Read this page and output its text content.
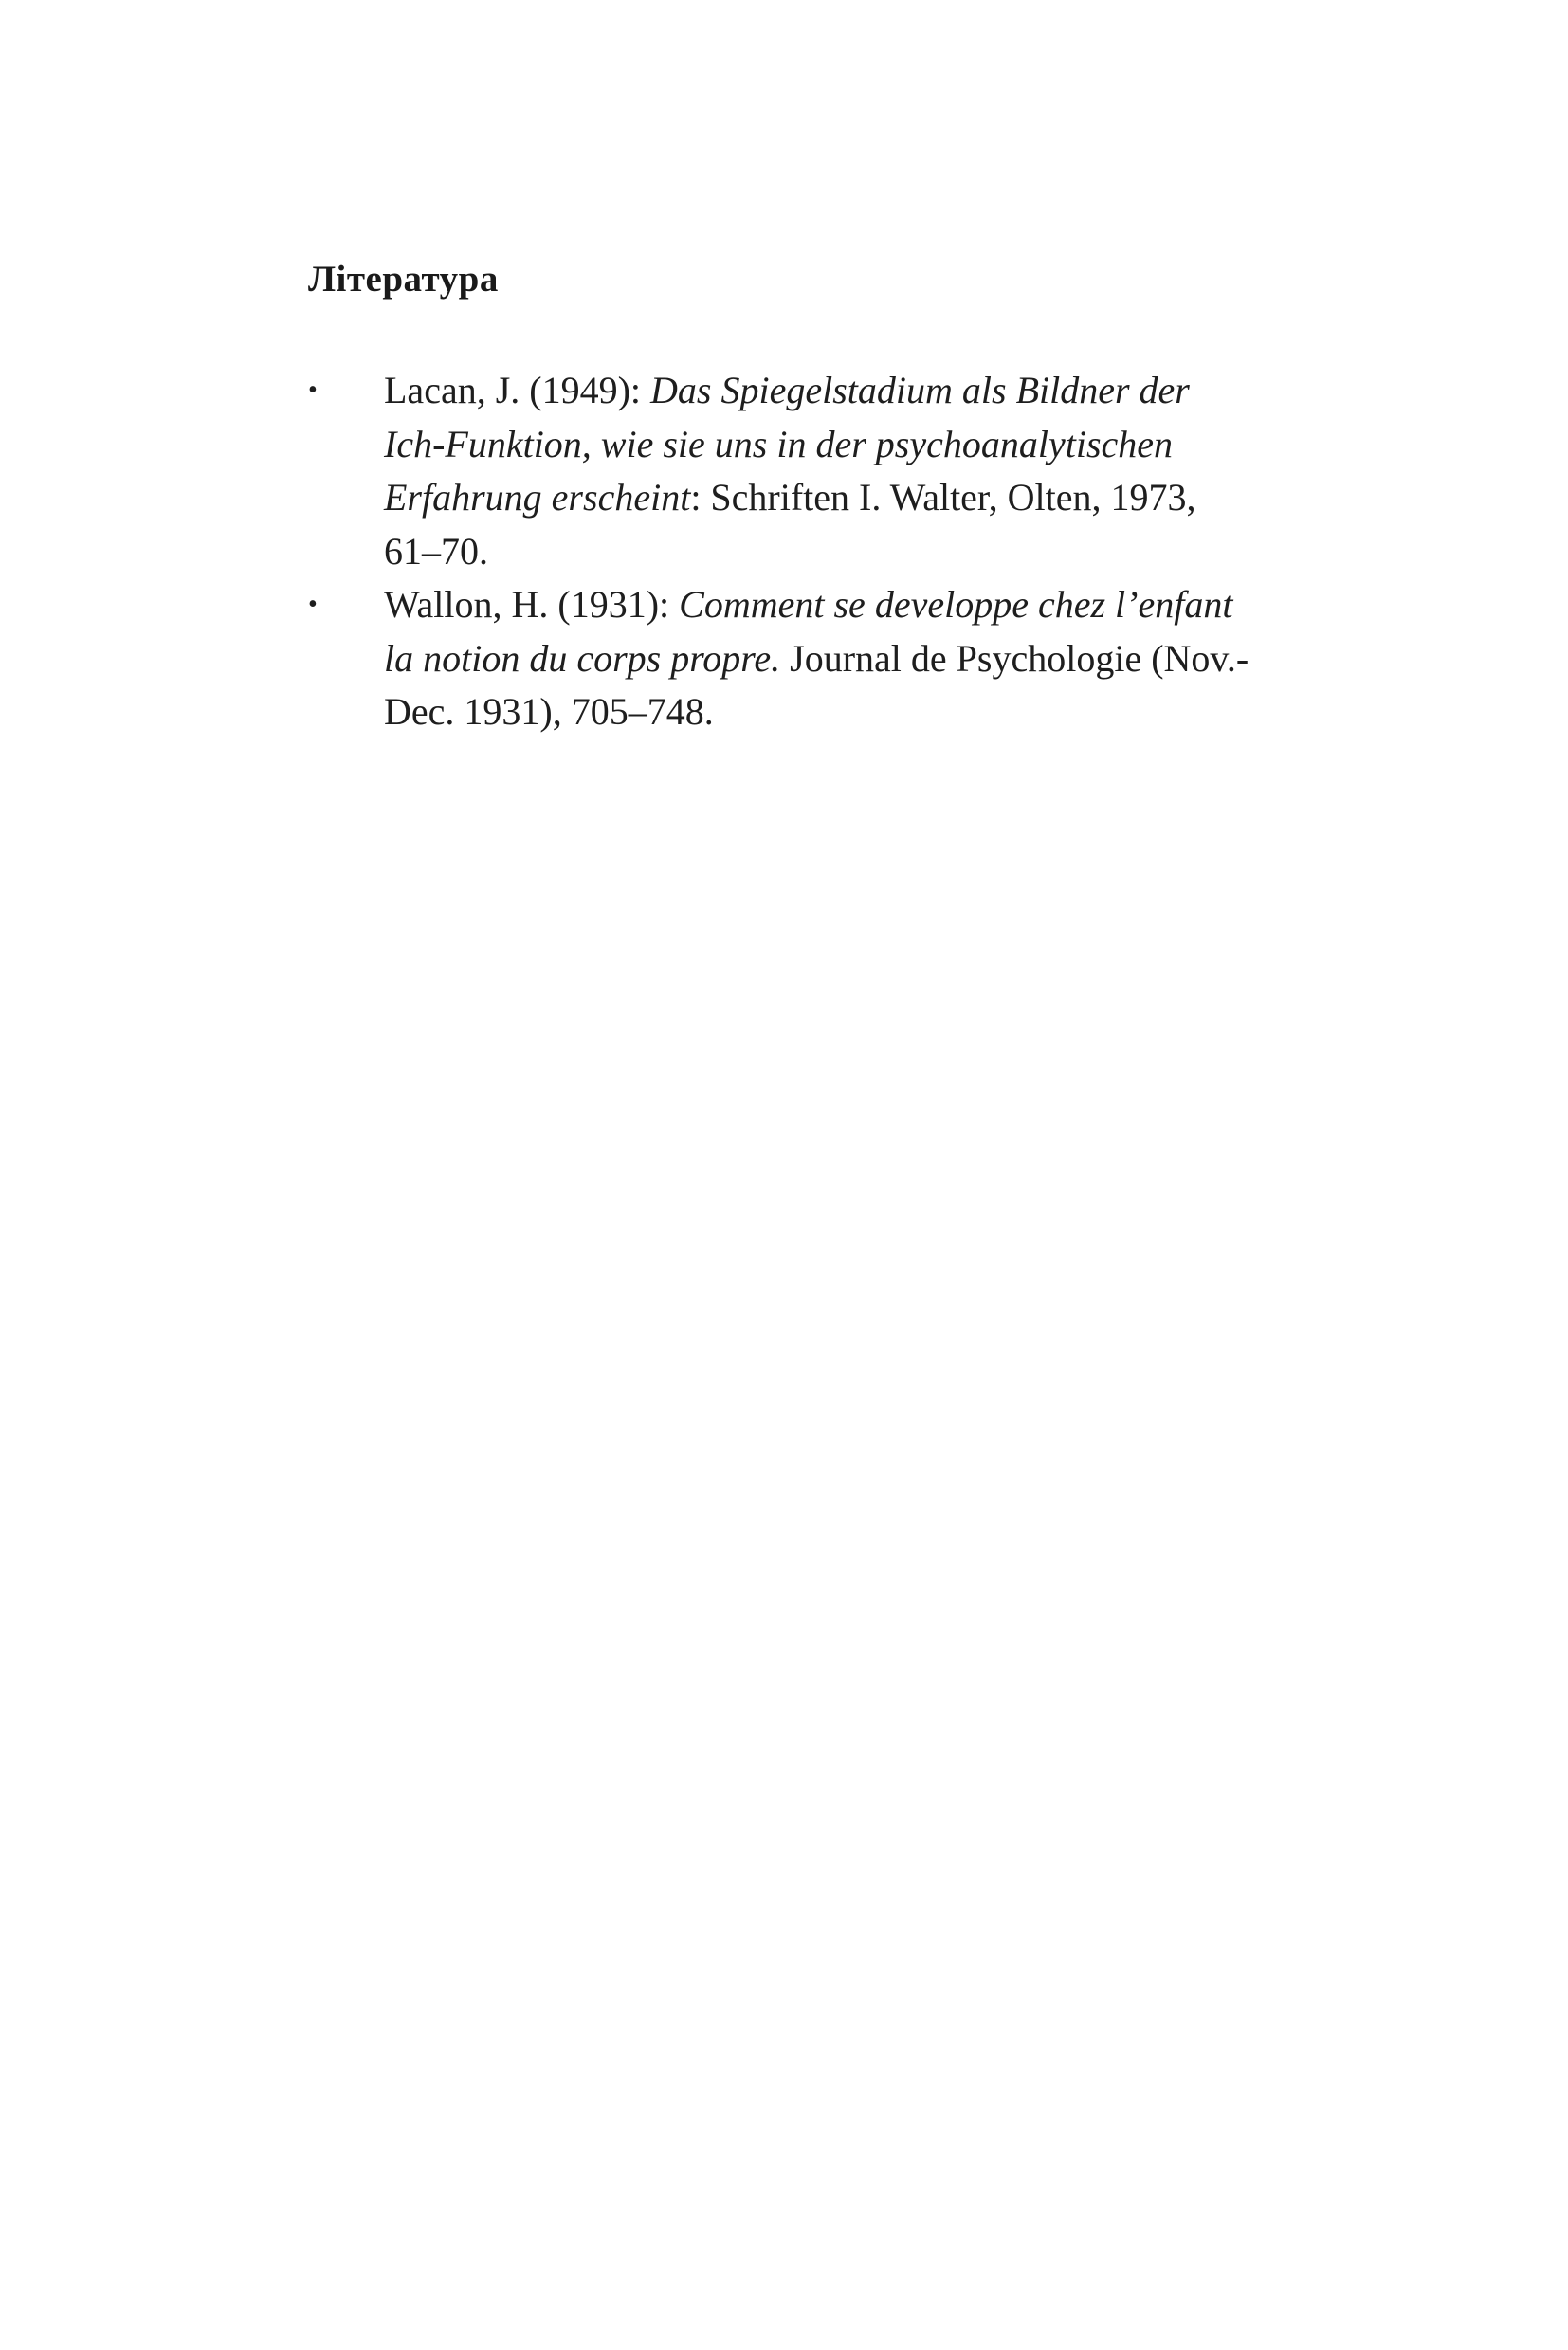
Література
• Lacan, J. (1949): Das Spiegelstadium als Bildner der
Ich-Funktion, wie sie uns in der psychoanalytischen
Erfahrung erscheint: Schriften I. Walter, Olten, 1973,
61–70.
• Wallon, H. (1931): Comment se developpe chez l’enfant
la notion du corps propre. Journal de Psychologie (Nov.-
Dec. 1931), 705–748.
